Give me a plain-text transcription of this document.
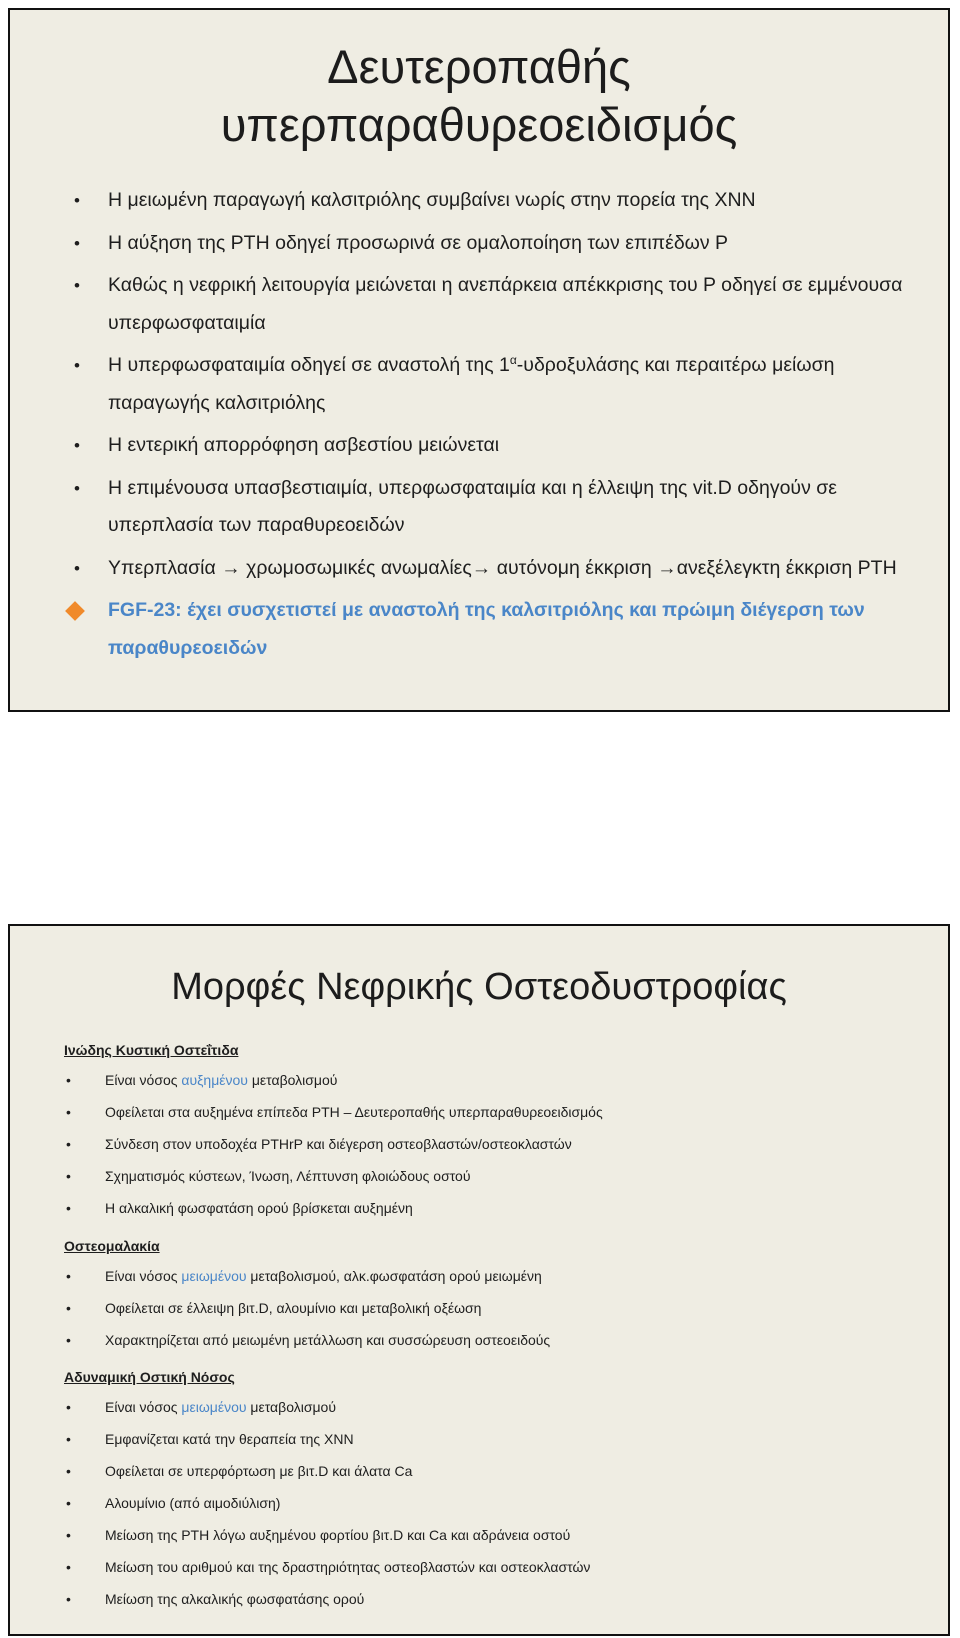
Δευτεροπαθής
υπερπαραθυρεοειδισμός
• Η μειωμένη παραγωγή καλσιτριόλης συμβαίνει νωρίς στην πορεία της ΧΝΝ
• Η αύξηση της ΡΤΗ οδηγεί προσωρινά σε ομαλοποίηση των επιπέδων Ρ
• Καθώς η νεφρική λειτουργία μειώνεται η ανεπάρκεια απέκκρισης του Ρ οδηγεί σε εμμένουσα υπερφωσφαταιμία
• Η υπερφωσφαταιμία οδηγεί σε αναστολή της $1^\alpha$-υδροξυλάσης και περαιτέρω μείωση παραγωγής καλσιτριόλης
• Η εντερική απορρόφηση ασβεστίου μειώνεται
• Η επιμένουσα υπασβεστιαιμία, υπερφωσφαταιμία και η έλλειψη της vit.D οδηγούν σε υπερπλασία των παραθυρεοειδών
• Υπερπλασία → χρωμοσωμικές ανωμαλίες→ αυτόνομη έκκριση →ανεξέλεγκτη έκκριση ΡΤΗ
FGF-23: έχει συσχετιστεί με αναστολή της καλσιτριόλης και πρώιμη διέγερση των παραθυρεοειδών
Μορφές Νεφρικής Οστεοδυστροφίας
Ινώδης Κυστική Οστεΐτιδα
• Είναι νόσος αυξημένου μεταβολισμού
• Οφείλεται στα αυξημένα επίπεδα ΡΤΗ – Δευτεροπαθής υπερπαραθυρεοειδισμός
• Σύνδεση στον υποδοχέα ΡΤΗrΡ και διέγερση οστεοβλαστών/οστεοκλαστών
• Σχηματισμός κύστεων, Ίνωση, Λέπτυνση φλοιώδους οστού
• Η αλκαλική φωσφατάση ορού βρίσκεται αυξημένη
Οστεομαλακία
• Είναι νόσος μειωμένου μεταβολισμού, αλκ.φωσφατάση ορού μειωμένη
• Οφείλεται σε έλλειψη βιτ.D, αλουμίνιο και μεταβολική οξέωση
• Χαρακτηρίζεται από μειωμένη μετάλλωση και συσσώρευση οστεοειδούς
Αδυναμική Οστική Νόσος
• Είναι νόσος μειωμένου μεταβολισμού
• Εμφανίζεται κατά την θεραπεία της ΧΝΝ
• Οφείλεται σε υπερφόρτωση με βιτ.D και άλατα Ca
• Αλουμίνιο (από αιμοδιύλιση)
• Μείωση της ΡΤΗ λόγω αυξημένου φορτίου βιτ.D και Ca και αδράνεια οστού
• Μείωση του αριθμού και της δραστηριότητας οστεοβλαστών και οστεοκλαστών
• Μείωση της αλκαλικής φωσφατάσης ορού
